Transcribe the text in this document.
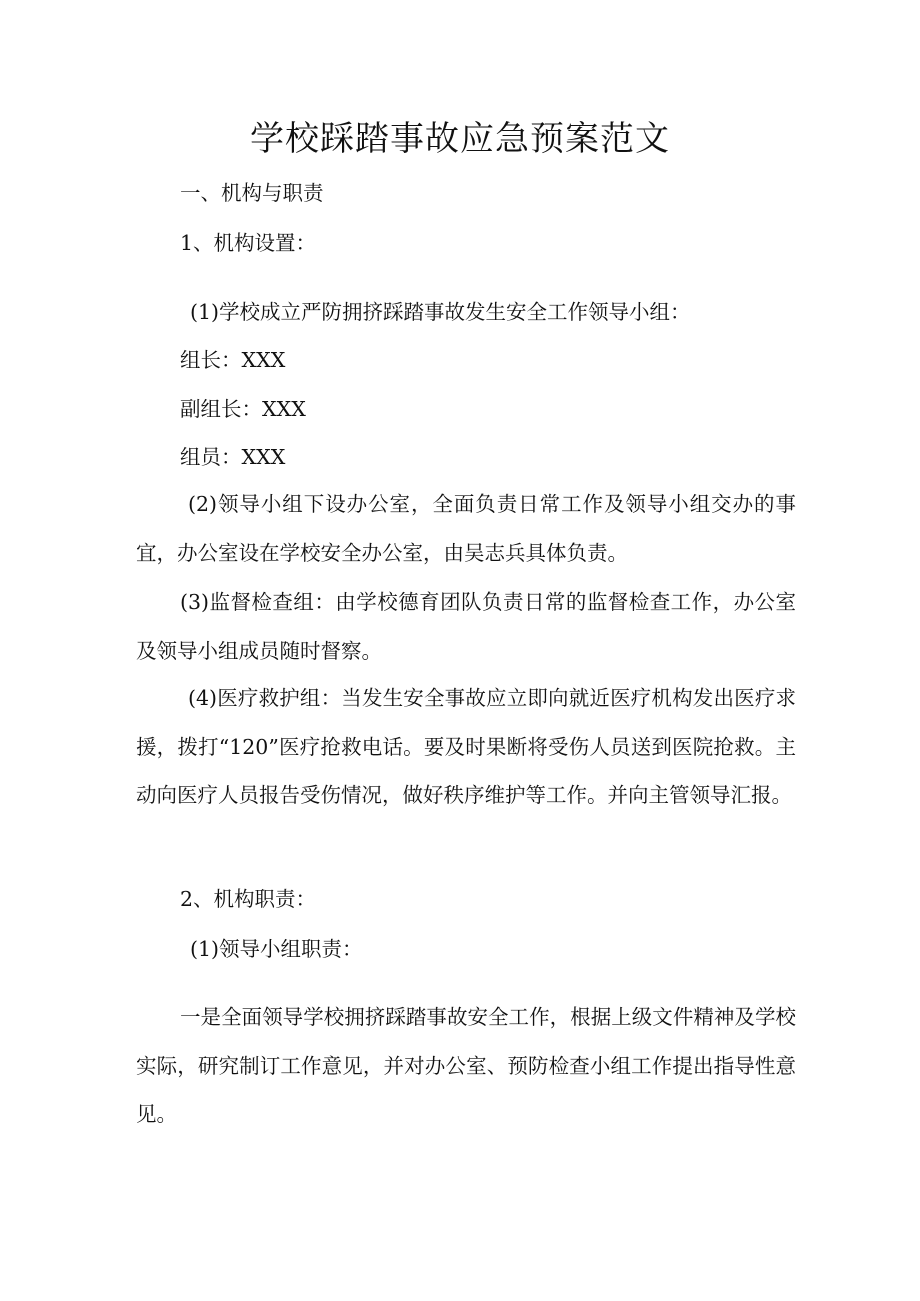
学校踩踏事故应急预案范文

一、机构与职责

1、机构设置：

(1)学校成立严防拥挤踩踏事故发生安全工作领导小组：

组长：XXX

副组长：XXX

组员：XXX

(2)领导小组下设办公室，全面负责日常工作及领导小组交办的事宜，办公室设在学校安全办公室，由吴志兵具体负责。

(3)监督检查组：由学校德育团队负责日常的监督检查工作，办公室及领导小组成员随时督察。

(4)医疗救护组：当发生安全事故应立即向就近医疗机构发出医疗求援，拨打“120”医疗抢救电话。要及时果断将受伤人员送到医院抢救。主动向医疗人员报告受伤情况，做好秩序维护等工作。并向主管领导汇报。

2、机构职责：

(1)领导小组职责：

一是全面领导学校拥挤踩踏事故安全工作，根据上级文件精神及学校实际，研究制订工作意见，并对办公室、预防检查小组工作提出指导性意见。
